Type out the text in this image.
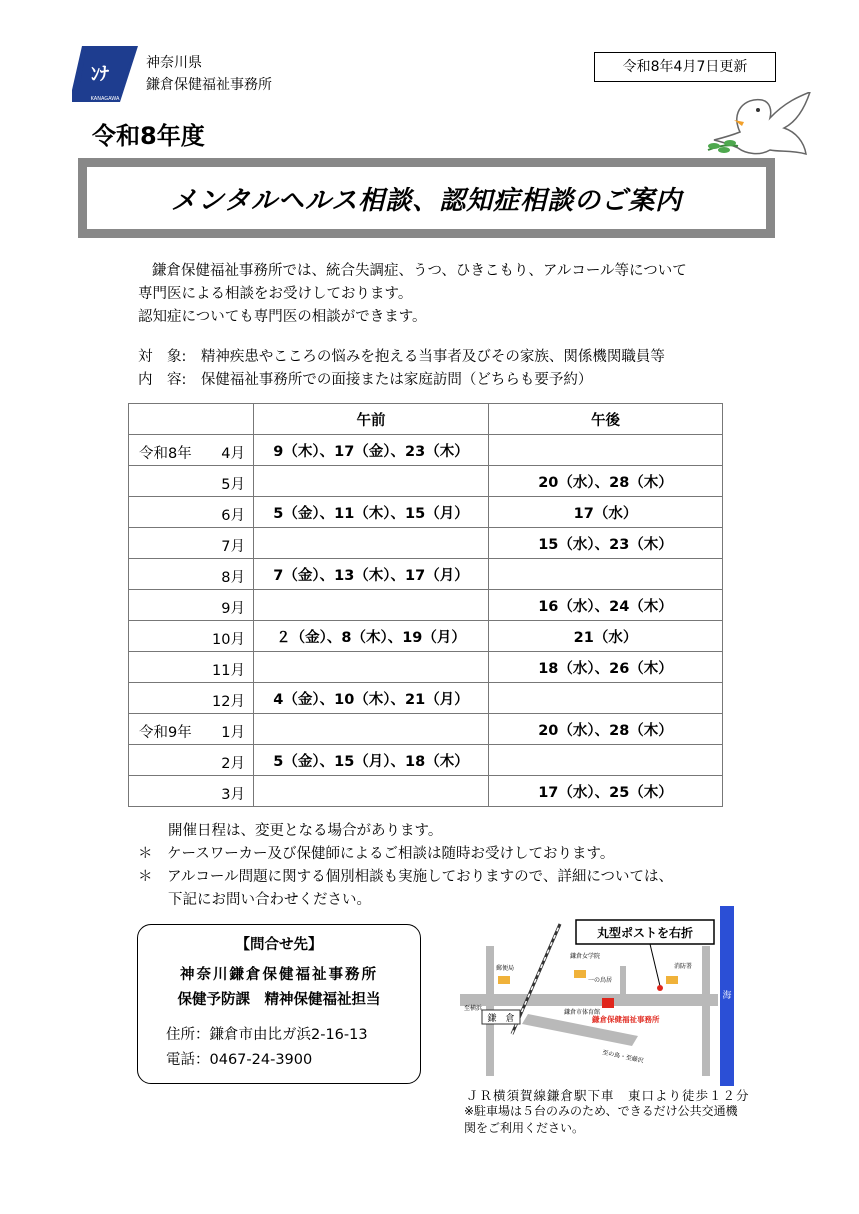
ﾝﾅ
KANAGAWA
神奈川県
鎌倉保健福祉事務所
令和8年4月7日更新
令和8年度
メンタルヘルス相談、認知症相談のご案内

鎌倉保健福祉事務所では、統合失調症、うつ、ひきこもり、アルコール等について

専門医による相談をお受けしております。

認知症についても専門医の相談ができます。

対　象:　精神疾患やこころの悩みを抱える当事者及びその家族、関係機関職員等
内　容:　保健福祉事務所での面接または家庭訪問（どちらも要予約）
	午前	午後

令和8年 4月	9（木）、17（金）、23（木）	

5月		20（水）、28（木）

6月	5（金）、11（木）、15（月）	17（水）

7月		15（水）、23（木）

8月	7（金）、13（木）、17（月）	

9月		16（水）、24（木）

10月	２（金）、8（木）、19（月）	21（水）

11月		18（水）、26（木）

12月	4（金）、10（木）、21（月）	

令和9年 1月		20（水）、28（木）

2月	5（金）、15（月）、18（木）	

3月		17（水）、25（木）
開催日程は、変更となる場合があります。
＊　ケースワーカー及び保健師によるご相談は随時お受けしております。
＊　アルコール問題に関する個別相談も実施しておりますので、詳細については、
下記にお問い合わせください。
【問合せ先】
神奈川鎌倉保健福祉事務所
保健予防課　精神保健福祉担当
住所：鎌倉市由比ガ浜2-16-13
電話：0467-24-3900
海
鎌　倉
至横浜
郵便局
鎌倉女学院
一の鳥居
消防署
鎌倉市体育館
鎌倉保健福祉事務所
至の鳥・至藤沢
丸型ポストを右折
ＪＲ横須賀線鎌倉駅下車　東口より徒歩１２分
※駐車場は５台のみのため、できるだけ公共交通機関をご利用ください。
